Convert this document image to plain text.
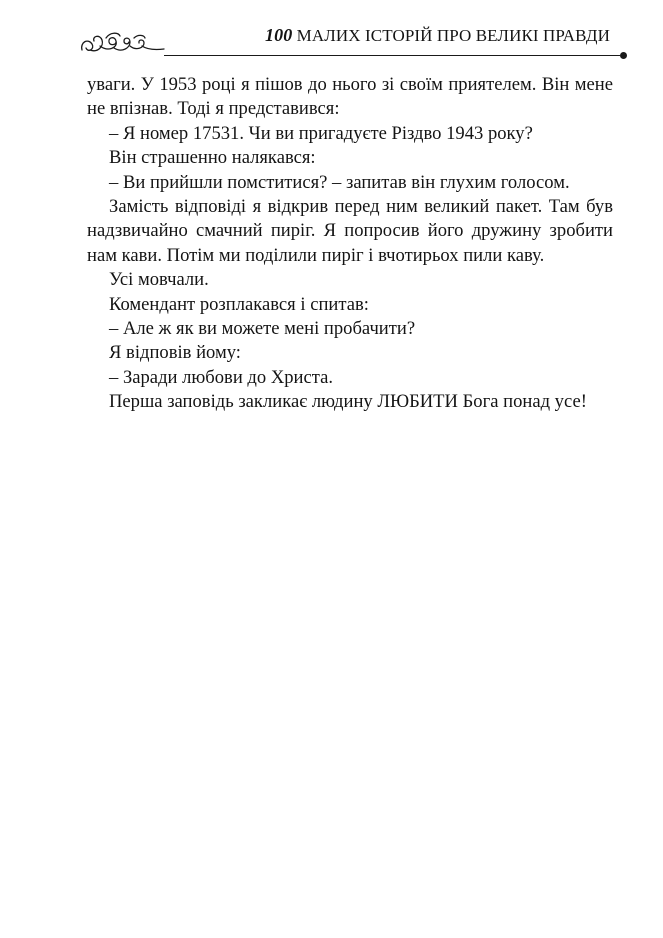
100 МАЛИХ ІСТОРІЙ ПРО ВЕЛИКІ ПРАВДИ

уваги. У 1953 році я пішов до нього зі своїм приятелем. Він мене не впізнав. Тоді я представився:

– Я номер 17531. Чи ви пригадуєте Різдво 1943 року?

Він страшенно налякався:

– Ви прийшли помститися? – запитав він глухим голосом.

Замість відповіді я відкрив перед ним великий пакет. Там був надзвичайно смачний пиріг. Я попросив його дружину зробити нам кави. Потім ми поділили пиріг і вчотирьох пили каву.

Усі мовчали.

Комендант розплакався і спитав:

– Але ж як ви можете мені пробачити?

Я відповів йому:

– Заради любови до Христа.

Перша заповідь закликає людину ЛЮБИТИ Бога понад усе!
